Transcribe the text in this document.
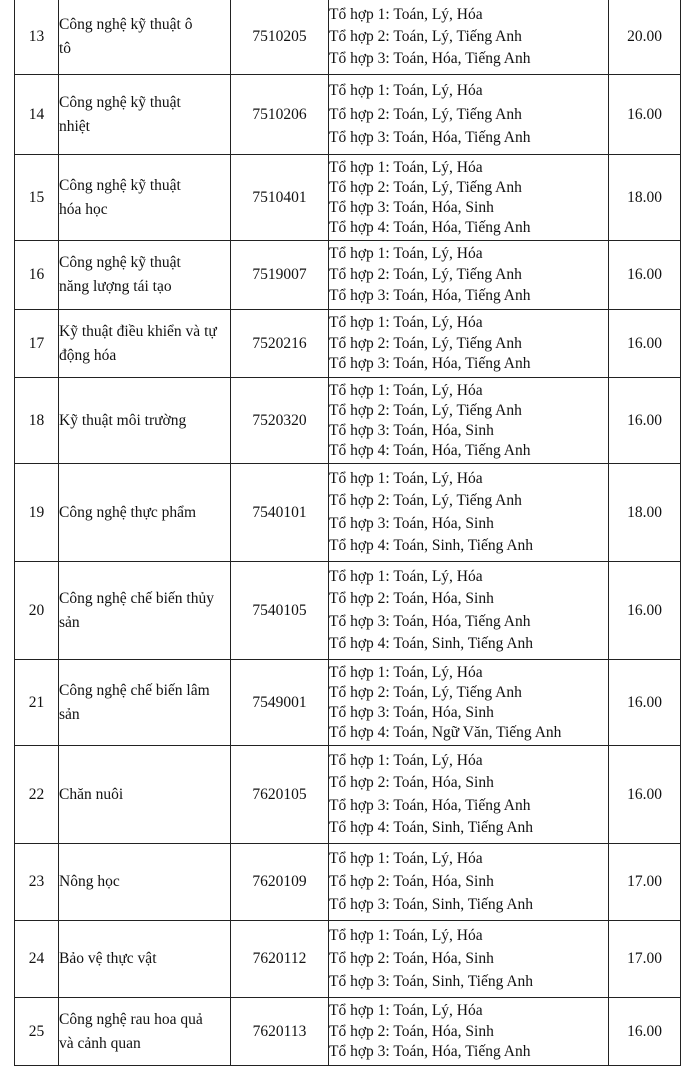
13	Công nghệ kỹ thuật ô tô	7510205	Tổ hợp 1: Toán, Lý, Hóa
Tổ hợp 2: Toán, Lý, Tiếng Anh
Tổ hợp 3: Toán, Hóa, Tiếng Anh	20.00
14	Công nghệ kỹ thuật nhiệt	7510206	Tổ hợp 1: Toán, Lý, Hóa
Tổ hợp 2: Toán, Lý, Tiếng Anh
Tổ hợp 3: Toán, Hóa, Tiếng Anh	16.00
15	Công nghệ kỹ thuật hóa học	7510401	Tổ hợp 1: Toán, Lý, Hóa
Tổ hợp 2: Toán, Lý, Tiếng Anh
Tổ hợp 3: Toán, Hóa, Sinh
Tổ hợp 4: Toán, Hóa, Tiếng Anh	18.00
16	Công nghệ kỹ thuật năng lượng tái tạo	7519007	Tổ hợp 1: Toán, Lý, Hóa
Tổ hợp 2: Toán, Lý, Tiếng Anh
Tổ hợp 3: Toán, Hóa, Tiếng Anh	16.00
17	Kỹ thuật điều khiển và tự động hóa	7520216	Tổ hợp 1: Toán, Lý, Hóa
Tổ hợp 2: Toán, Lý, Tiếng Anh
Tổ hợp 3: Toán, Hóa, Tiếng Anh	16.00
18	Kỹ thuật môi trường	7520320	Tổ hợp 1: Toán, Lý, Hóa
Tổ hợp 2: Toán, Lý, Tiếng Anh
Tổ hợp 3: Toán, Hóa, Sinh
Tổ hợp 4: Toán, Hóa, Tiếng Anh	16.00
19	Công nghệ thực phẩm	7540101	Tổ hợp 1: Toán, Lý, Hóa
Tổ hợp 2: Toán, Lý, Tiếng Anh
Tổ hợp 3: Toán, Hóa, Sinh
Tổ hợp 4: Toán, Sinh, Tiếng Anh	18.00
20	Công nghệ chế biến thủy sản	7540105	Tổ hợp 1: Toán, Lý, Hóa
Tổ hợp 2: Toán, Hóa, Sinh
Tổ hợp 3: Toán, Hóa, Tiếng Anh
Tổ hợp 4: Toán, Sinh, Tiếng Anh	16.00
21	Công nghệ chế biến lâm sản	7549001	Tổ hợp 1: Toán, Lý, Hóa
Tổ hợp 2: Toán, Lý, Tiếng Anh
Tổ hợp 3: Toán, Hóa, Sinh
Tổ hợp 4: Toán, Ngữ Văn, Tiếng Anh	16.00
22	Chăn nuôi	7620105	Tổ hợp 1: Toán, Lý, Hóa
Tổ hợp 2: Toán, Hóa, Sinh
Tổ hợp 3: Toán, Hóa, Tiếng Anh
Tổ hợp 4: Toán, Sinh, Tiếng Anh	16.00
23	Nông học	7620109	Tổ hợp 1: Toán, Lý, Hóa
Tổ hợp 2: Toán, Hóa, Sinh
Tổ hợp 3: Toán, Sinh, Tiếng Anh	17.00
24	Bảo vệ thực vật	7620112	Tổ hợp 1: Toán, Lý, Hóa
Tổ hợp 2: Toán, Hóa, Sinh
Tổ hợp 3: Toán, Sinh, Tiếng Anh	17.00
25	Công nghệ rau hoa quả và cảnh quan	7620113	Tổ hợp 1: Toán, Lý, Hóa
Tổ hợp 2: Toán, Hóa, Sinh
Tổ hợp 3: Toán, Hóa, Tiếng Anh	16.00
